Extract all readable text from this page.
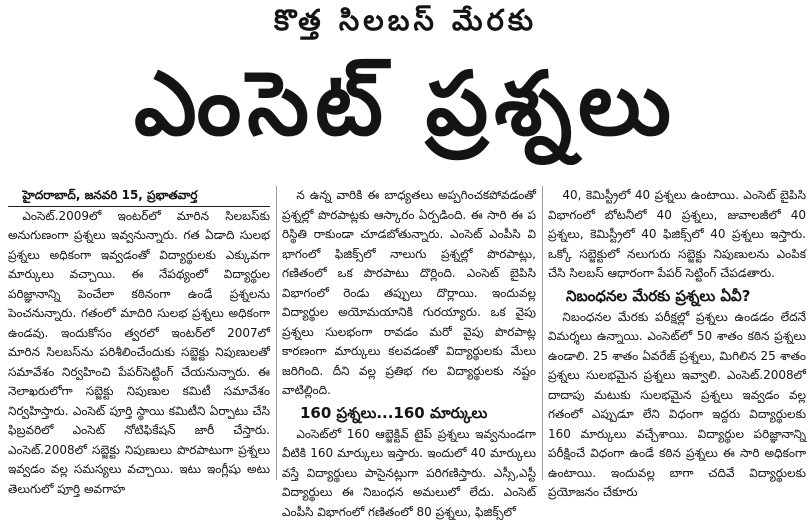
కొత్త సిలబస్ మేరకు
ఎంసెట్ ప్రశ్నలు

హైదరాబాద్, జనవరి 15, ప్రభాతవార్త

ఎంసెట్.2009లో ఇంటర్‌లో మారిన సిలబస్‌కు అనుగుణంగా ప్రశ్నలు ఇవ్వనున్నారు. గత ఏడాది సులభ ప్రశ్నలు అధికంగా ఇవ్వడంతో విద్యార్థులకు ఎక్కువగా మార్కులు వచ్చాయి. ఈ నేపథ్యంలో విద్యార్థుల పరిజ్ఞానాన్ని పెంచేలా కఠినంగా ఉండే ప్రశ్నలను పెంచనున్నారు. గతంలో మాదిరి సులభ ప్రశ్నలు అధికంగా ఉండవు. ఇందుకోసం త్వరలో ఇంటర్‌లో 2007లో మారిన సిలబస్‌ను పరిశీలించేందుకు సబ్జెక్టు నిపుణులతో సమావేశం నిర్వహించి పేపర్‌సెట్టింగ్ చేయనున్నారు. ఈ నెలాఖరులోగా సబ్జెక్టు నిపుణుల కమిటీ సమావేశం నిర్వహిస్తారు. ఎంసెట్ పూర్తి స్థాయి కమిటీని ఏర్పాటు చేసి ఫిబ్రవరిలో ఎంసెట్ నోటిఫికేషన్ జారీ చేస్తారు. ఎంసెట్.2008లో సబ్జెక్టు నిపుణులు పొరపాటుగా ప్రశ్నలు ఇవ్వడం వల్ల సమస్యలు వచ్చాయి. ఇటు ఇంగ్లీషు అటు తెలుగులో పూర్తి అవగాహ

న ఉన్న వారికి ఈ బాధ్యతలు అప్పగించకపోవడంతో ప్రశ్నల్లో పొరపాట్లకు ఆస్కారం ఏర్పడింది. ఈ సారి ఈ ప రిస్థితి రాకుండా చూడబోతున్నారు. ఎంసెట్ ఎంపీసి వి భాగంలో ఫిజిక్స్‌లో నాలుగు ప్రశ్నల్లో పొరపాట్లు, గణితంలో ఒక పొరపాటు దొర్లింది. ఎంసెట్ బైపిసి విభాగంలో రెండు తప్పులు దొర్లాయి. ఇందువల్ల విద్యార్థుల అయోమయానికి గురయ్యారు. ఒక వైపు ప్రశ్నలు సులభంగా రావడం మరో వైపు పొరపాట్ల కారణంగా మార్కులు కలవడంతో విద్యార్థులకు మేలు జరిగింది. దీని వల్ల ప్రతిభ గల విద్యార్థులకు నష్టం వాటిల్లింది.

160 ప్రశ్నలు...160 మార్కులు

ఎంసెట్‌లో 160 ఆబ్జెక్టివ్ టైప్ ప్రశ్నలు ఇవ్వనుండగా వీటికి 160 మార్కులు ఇస్తారు. ఇందులో 40 మార్కులు వస్తే విద్యార్థులు పాసైనట్లుగా పరిగణిస్తారు. ఎస్సీ,ఎస్టీ విద్యార్థులు ఈ నిబంధన అమలులో లేదు. ఎంసెట్ ఎంపీసి విభాగంలో గణితంలో 80 ప్రశ్నలు, ఫిజిక్స్‌లో

40, కెమిస్ట్రీలో 40 ప్రశ్నలు ఉంటాయి. ఎంసెట్ బైపిసి విభాగంలో బోటనీలో 40 ప్రశ్నలు, జువాలజీలో 40 ప్రశ్నలు, కెమిస్ట్రీలో 40 ఫిజిక్స్‌లో 40 ప్రశ్నలు ఇస్తారు. ఒక్కో సబ్జెక్టులో నలుగురు సబ్జెక్టు నిపుణులను ఎంపిక చేసి సిలబస్ ఆధారంగా పేపర్ సెట్టింగ్ చేపడతారు.

నిబంధనల మేరకు ప్రశ్నలు ఏవీ?

నిబంధనల మేరకు పరీక్షల్లో ప్రశ్నలు ఉండడం లేదనే విమర్శలు ఉన్నాయి. ఎంసెట్‌లో 50 శాతం కఠిన ప్రశ్నలు ఉండాలి. 25 శాతం ఏవరేజ్ ప్రశ్నలు, మిగిలిన 25 శాతం ప్రశ్నలు సులభమైన ప్రశ్నలు ఇవ్వాలి. ఎంసెట్.2008లో దాదాపు మటుకు సులభమైన ప్రశ్నలు ఇవ్వడం వల్ల గతంలో ఎప్పుడూ లేని విధంగా ఇద్దరు విద్యార్థులకు 160 మార్కులు వచ్చేశాయి. విద్యార్థుల పరిజ్ఞానాన్ని పరీక్షించే విధంగా ఉండే కఠిన ప్రశ్నలు ఈ సారి అధికంగా ఉంటాయి. ఇందువల్ల బాగా చదివే విద్యార్థులకు ప్రయోజనం చేకూరు
